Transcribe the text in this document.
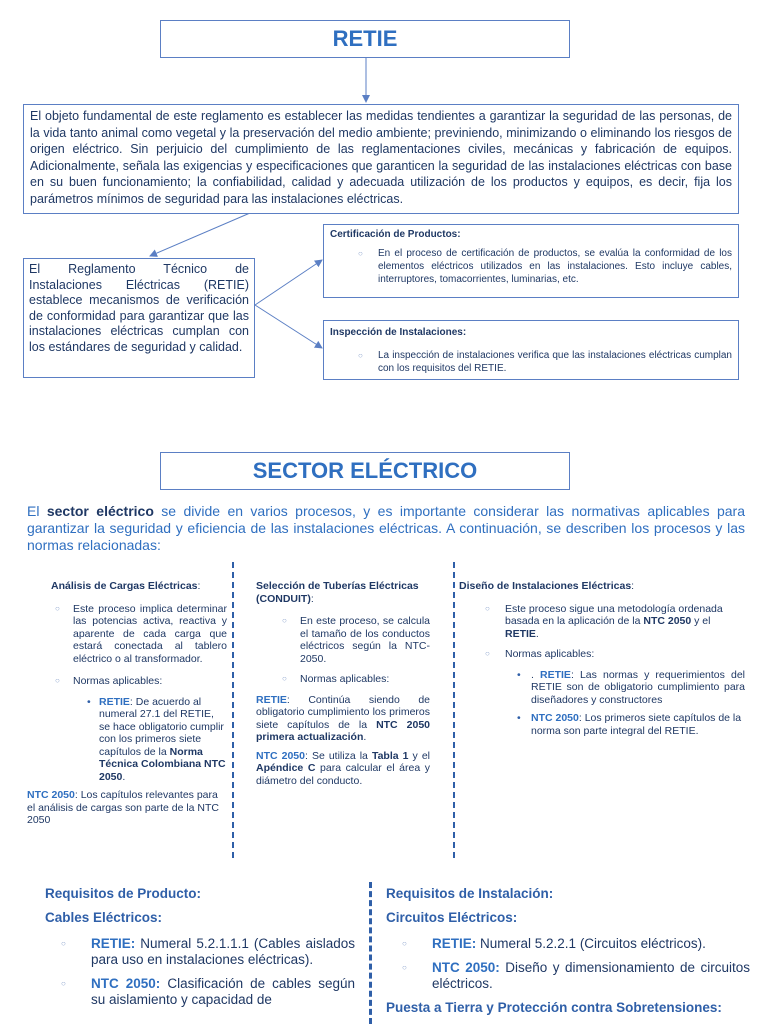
RETIE
El objeto fundamental de este reglamento es establecer las medidas tendientes a garantizar la seguridad de las personas, de la vida tanto animal como vegetal y la preservación del medio ambiente; previniendo, minimizando o eliminando los riesgos de origen eléctrico. Sin perjuicio del cumplimiento de las reglamentaciones civiles, mecánicas y fabricación de equipos. Adicionalmente, señala las exigencias y especificaciones que garanticen la seguridad de las instalaciones eléctricas con base en su buen funcionamiento; la confiabilidad, calidad y adecuada utilización de los productos y equipos, es decir, fija los parámetros mínimos de seguridad para las instalaciones eléctricas.
El Reglamento Técnico de Instalaciones Eléctricas (RETIE) establece mecanismos de verificación de conformidad para garantizar que las instalaciones eléctricas cumplan con los estándares de seguridad y calidad.
Certificación de Productos:
○	En el proceso de certificación de productos, se evalúa la conformidad de los elementos eléctricos utilizados en las instalaciones. Esto incluye cables, interruptores, tomacorrientes, luminarias, etc.
Inspección de Instalaciones:
○	La inspección de instalaciones verifica que las instalaciones eléctricas cumplan con los requisitos del RETIE.
SECTOR ELÉCTRICO
El sector eléctrico se divide en varios procesos, y es importante considerar las normativas aplicables para garantizar la seguridad y eficiencia de las instalaciones eléctricas. A continuación, se describen los procesos y las normas relacionadas:

Análisis de Cargas Eléctricas:

○	Este proceso implica determinar las potencias activa, reactiva y aparente de cada carga que estará conectada al tablero eléctrico o al transformador.
○	Normas aplicables:
• RETIE: De acuerdo al numeral 27.1 del RETIE, se hace obligatorio cumplir con los primeros siete capítulos de la Norma Técnica Colombiana NTC 2050.

NTC 2050: Los capítulos relevantes para el análisis de cargas son parte de la NTC 2050

Selección de Tuberías Eléctricas (CONDUIT):

○	En este proceso, se calcula el tamaño de los conductos eléctricos según la NTC-2050.
○	Normas aplicables:

RETIE: Continúa siendo de obligatorio cumplimiento los primeros siete capítulos de la NTC 2050 primera actualización.

NTC 2050: Se utiliza la Tabla 1 y el Apéndice C para calcular el área y diámetro del conducto.

Diseño de Instalaciones Eléctricas:

○	Este proceso sigue una metodología ordenada basada en la aplicación de la NTC 2050 y el RETIE.
○	Normas aplicables:
• . RETIE: Las normas y requerimientos del RETIE son de obligatorio cumplimiento para diseñadores y constructores
• NTC 2050: Los primeros siete capítulos de la norma son parte integral del RETIE.

Requisitos de Producto:

Cables Eléctricos:

○	RETIE: Numeral 5.2.1.1.1 (Cables aislados para uso en instalaciones eléctricas).
○	NTC 2050: Clasificación de cables según su aislamiento y capacidad de

Requisitos de Instalación:

Circuitos Eléctricos:

○	RETIE: Numeral 5.2.2.1 (Circuitos eléctricos).
○	NTC 2050: Diseño y dimensionamiento de circuitos eléctricos.

Puesta a Tierra y Protección contra Sobretensiones:
